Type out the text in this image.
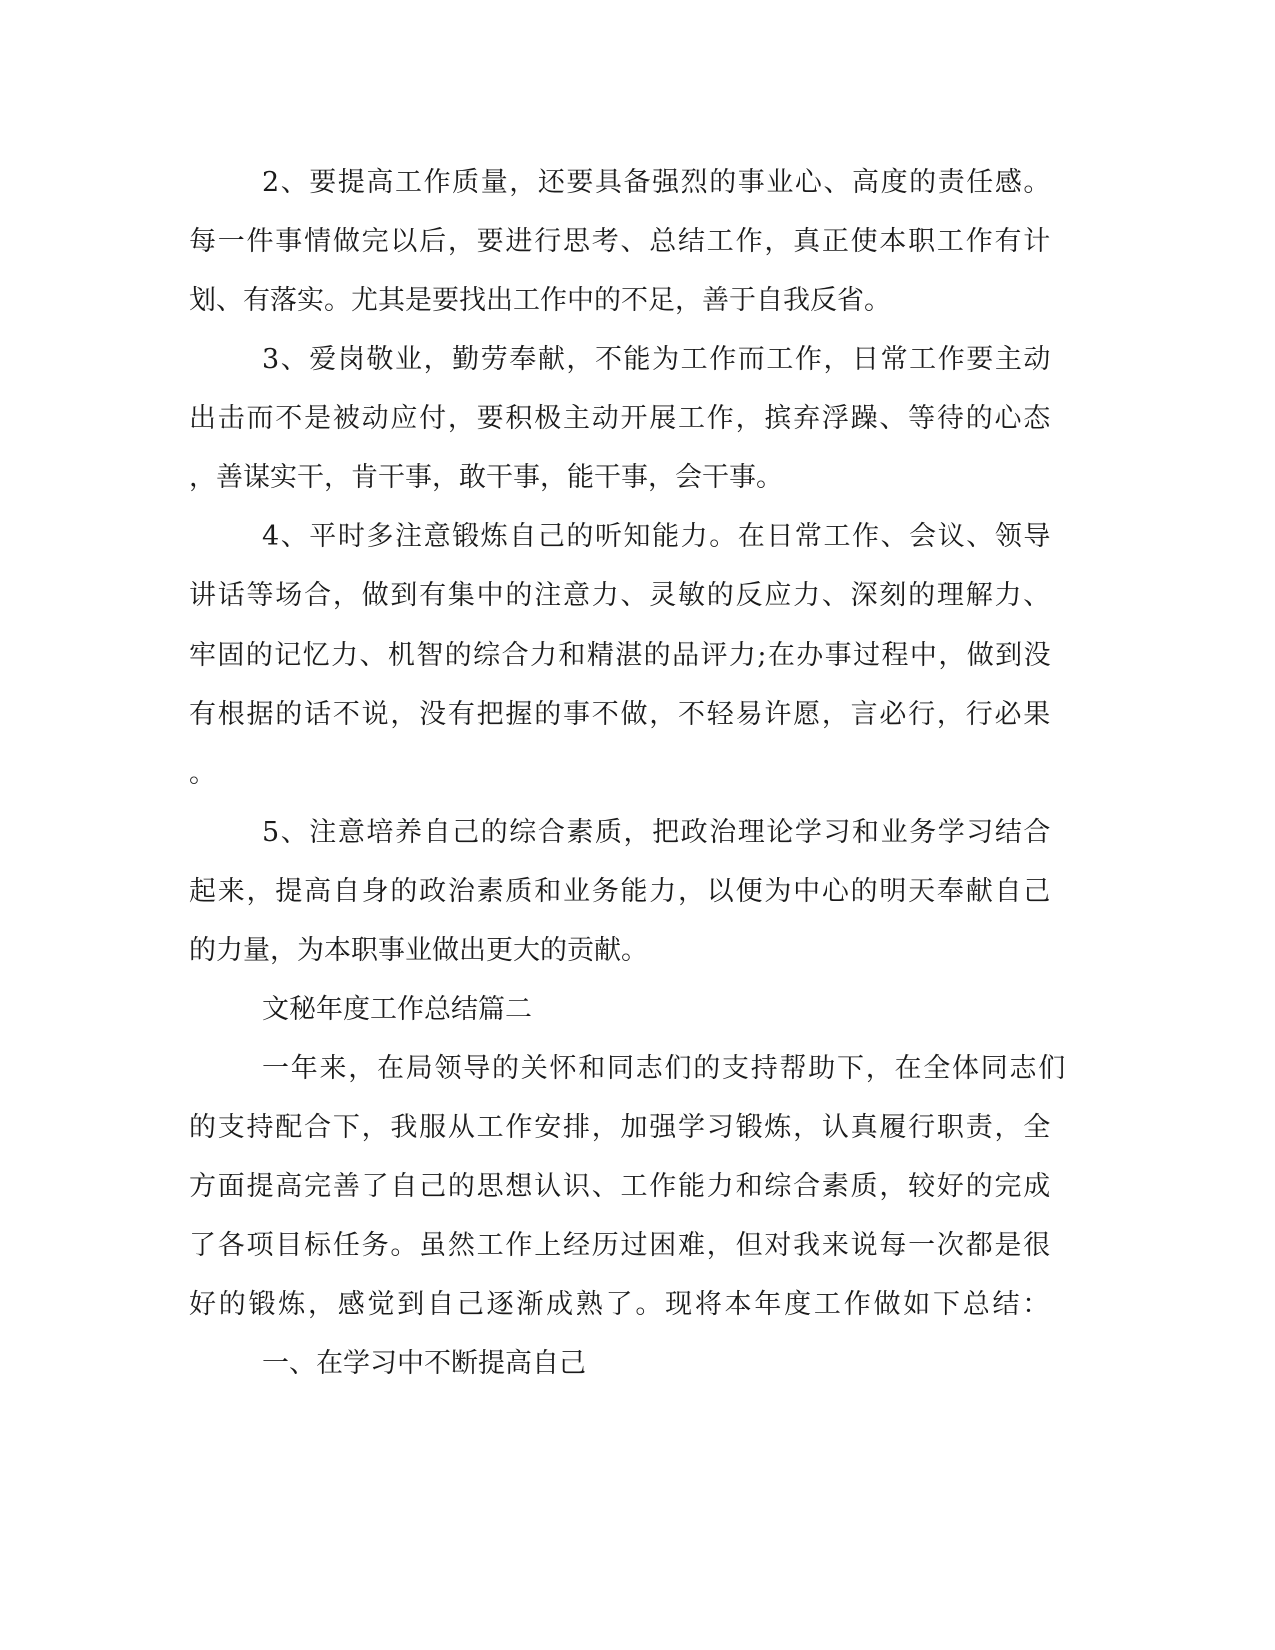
2、要提高工作质量，还要具备强烈的事业心、高度的责任感。
每一件事情做完以后，要进行思考、总结工作，真正使本职工作有计
划、有落实。尤其是要找出工作中的不足，善于自我反省。
3、爱岗敬业，勤劳奉献，不能为工作而工作，日常工作要主动
出击而不是被动应付，要积极主动开展工作，摈弃浮躁、等待的心态
，善谋实干，肯干事，敢干事，能干事，会干事。
4、平时多注意锻炼自己的听知能力。在日常工作、会议、领导
讲话等场合，做到有集中的注意力、灵敏的反应力、深刻的理解力、
牢固的记忆力、机智的综合力和精湛的品评力;在办事过程中，做到没
有根据的话不说，没有把握的事不做，不轻易许愿，言必行，行必果
。
5、注意培养自己的综合素质，把政治理论学习和业务学习结合
起来，提高自身的政治素质和业务能力，以便为中心的明天奉献自己
的力量，为本职事业做出更大的贡献。
文秘年度工作总结篇二
一年来，在局领导的关怀和同志们的支持帮助下，在全体同志们
的支持配合下，我服从工作安排，加强学习锻炼，认真履行职责，全
方面提高完善了自己的思想认识、工作能力和综合素质，较好的完成
了各项目标任务。虽然工作上经历过困难，但对我来说每一次都是很
好的锻炼，感觉到自己逐渐成熟了。现将本年度工作做如下总结：
一、在学习中不断提高自己
